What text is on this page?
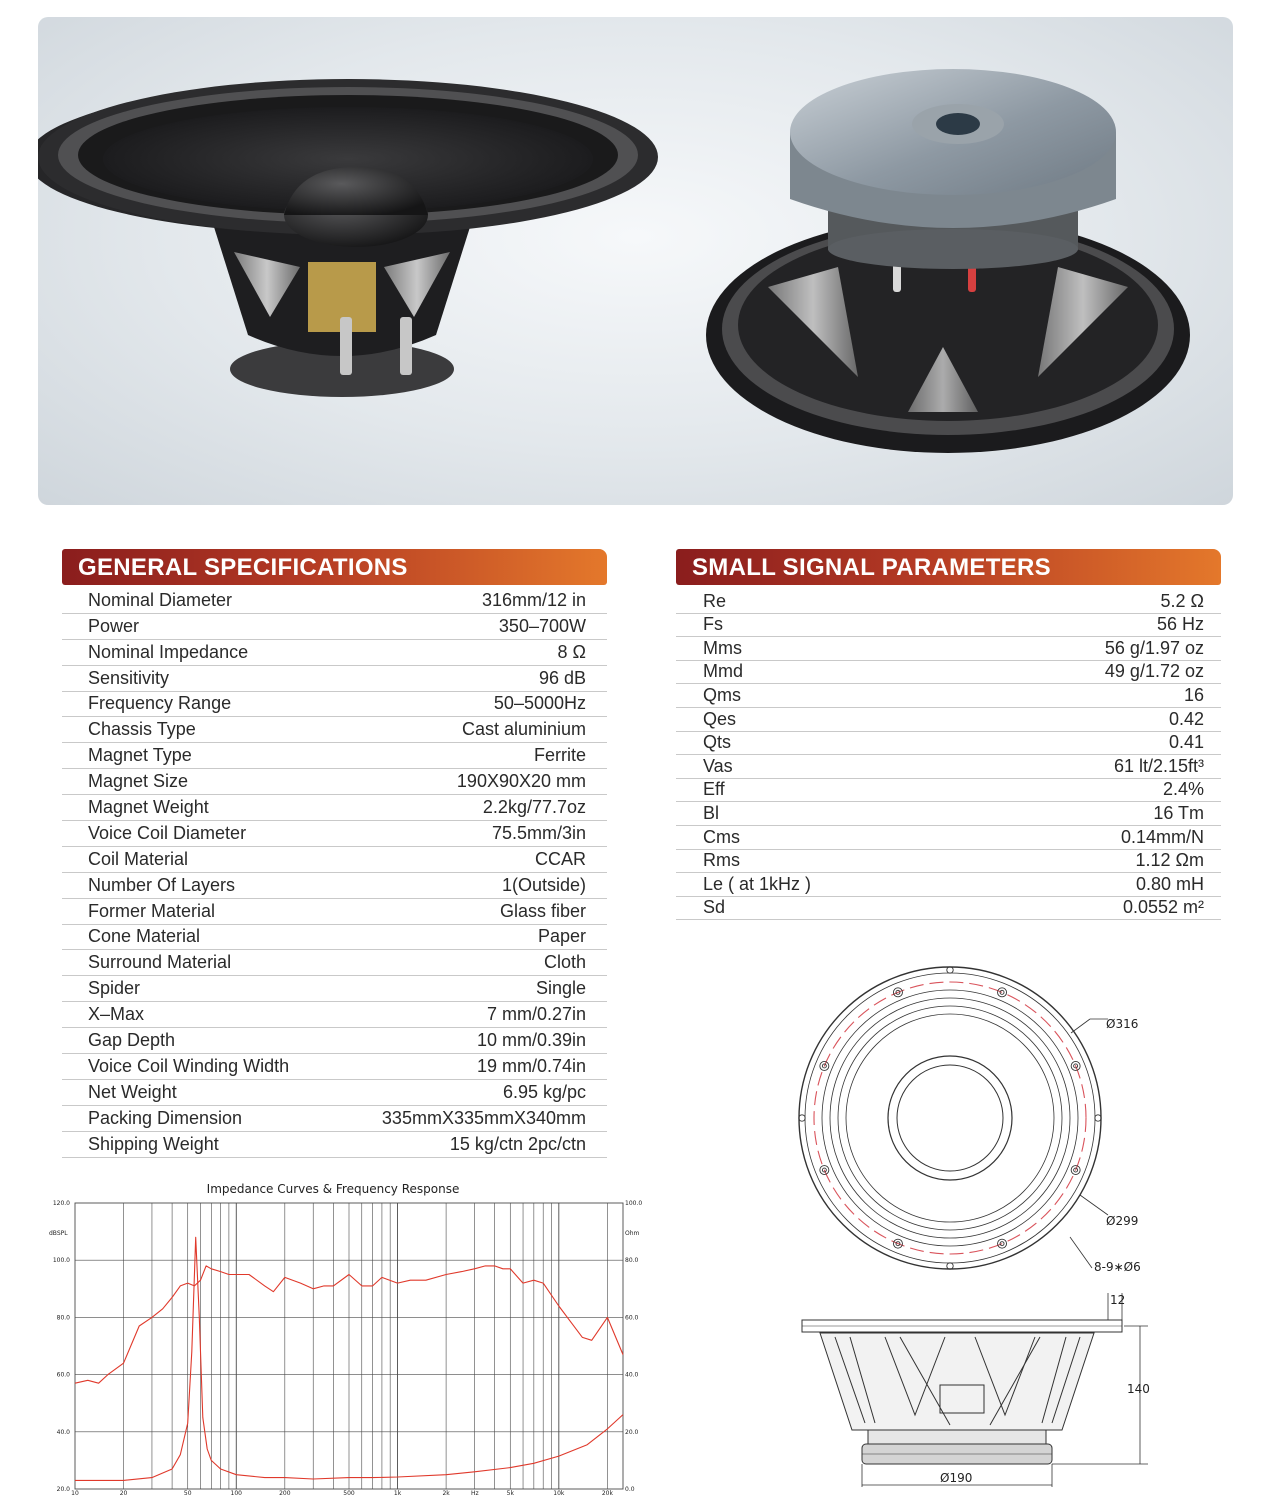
GENERAL SPECIFICATIONS
Nominal Diameter	316mm/12 in
Power	350–700W
Nominal Impedance	8 Ω
Sensitivity	96 dB
Frequency Range	50–5000Hz
Chassis Type	Cast aluminium
Magnet Type	Ferrite
Magnet Size	190X90X20 mm
Magnet Weight	2.2kg/77.7oz
Voice Coil Diameter	75.5mm/3in
Coil Material	CCAR
Number Of Layers	1(Outside)
Former Material	Glass fiber
Cone Material	Paper
Surround Material	Cloth
Spider	Single
X–Max	7 mm/0.27in
Gap Depth	10 mm/0.39in
Voice Coil Winding Width	19 mm/0.74in
Net Weight	6.95 kg/pc
Packing Dimension	335mmX335mmX340mm
Shipping Weight	15 kg/ctn 2pc/ctn
SMALL SIGNAL PARAMETERS
Re	5.2 Ω
Fs	56 Hz
Mms	56 g/1.97 oz
Mmd	49 g/1.72 oz
Qms	16
Qes	0.42
Qts	0.41
Vas	61 lt/2.15ft³
Eff	2.4%
Bl	16 Tm
Cms	0.14mm/N
Rms	1.12 Ωm
Le ( at 1kHz )	0.80 mH
Sd	0.0552 m²
Impedance Curves & Frequency Response
dBSPL	Ohm
Hz
10	20	50	100	200	500	1k	2k	5k	10k	20k
20.0
40.0
60.0
80.0
100.0
120.0
0.0
20.0
40.0
60.0
80.0
100.0
Ø316
Ø299
8-9∗Ø6
12
140
Ø190
